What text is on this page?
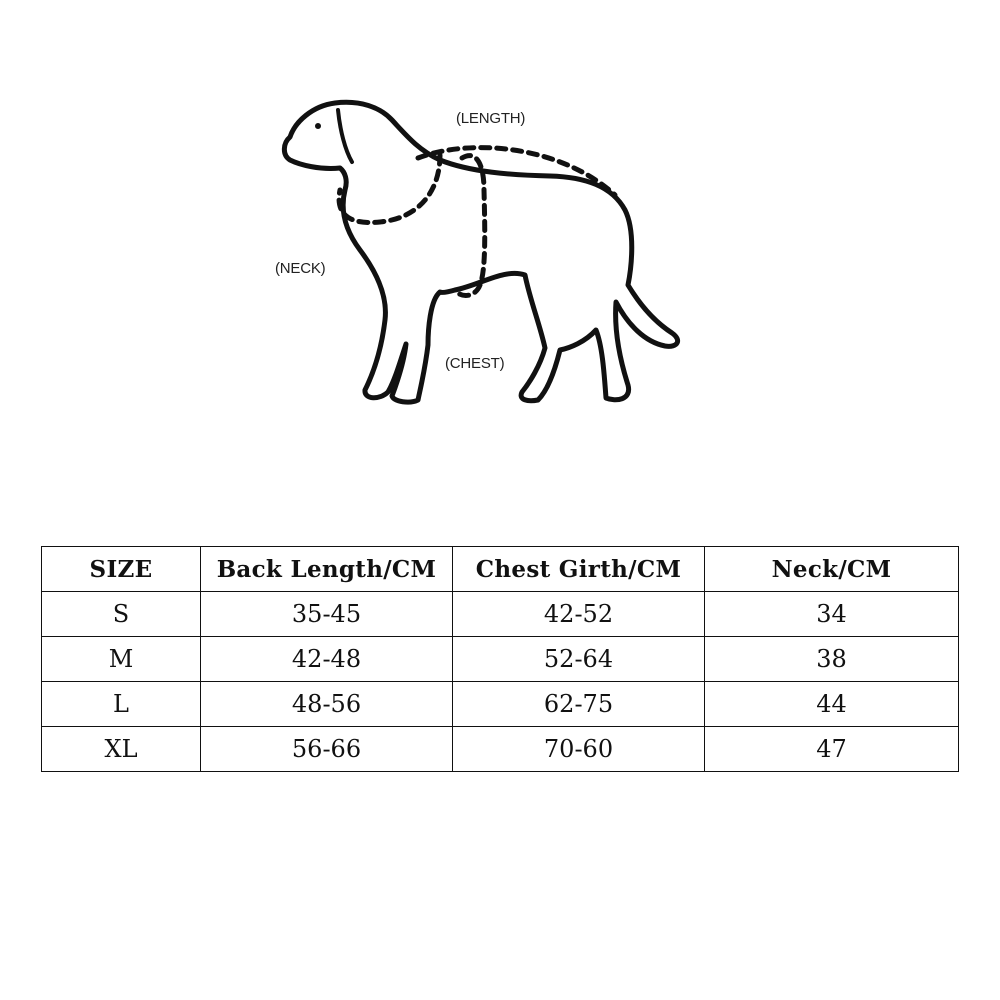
(LENGTH)
(NECK)
(CHEST)
SIZE	Back Length/CM	Chest Girth/CM	Neck/CM
S	35-45	42-52	34
M	42-48	52-64	38
L	48-56	62-75	44
XL	56-66	70-60	47
